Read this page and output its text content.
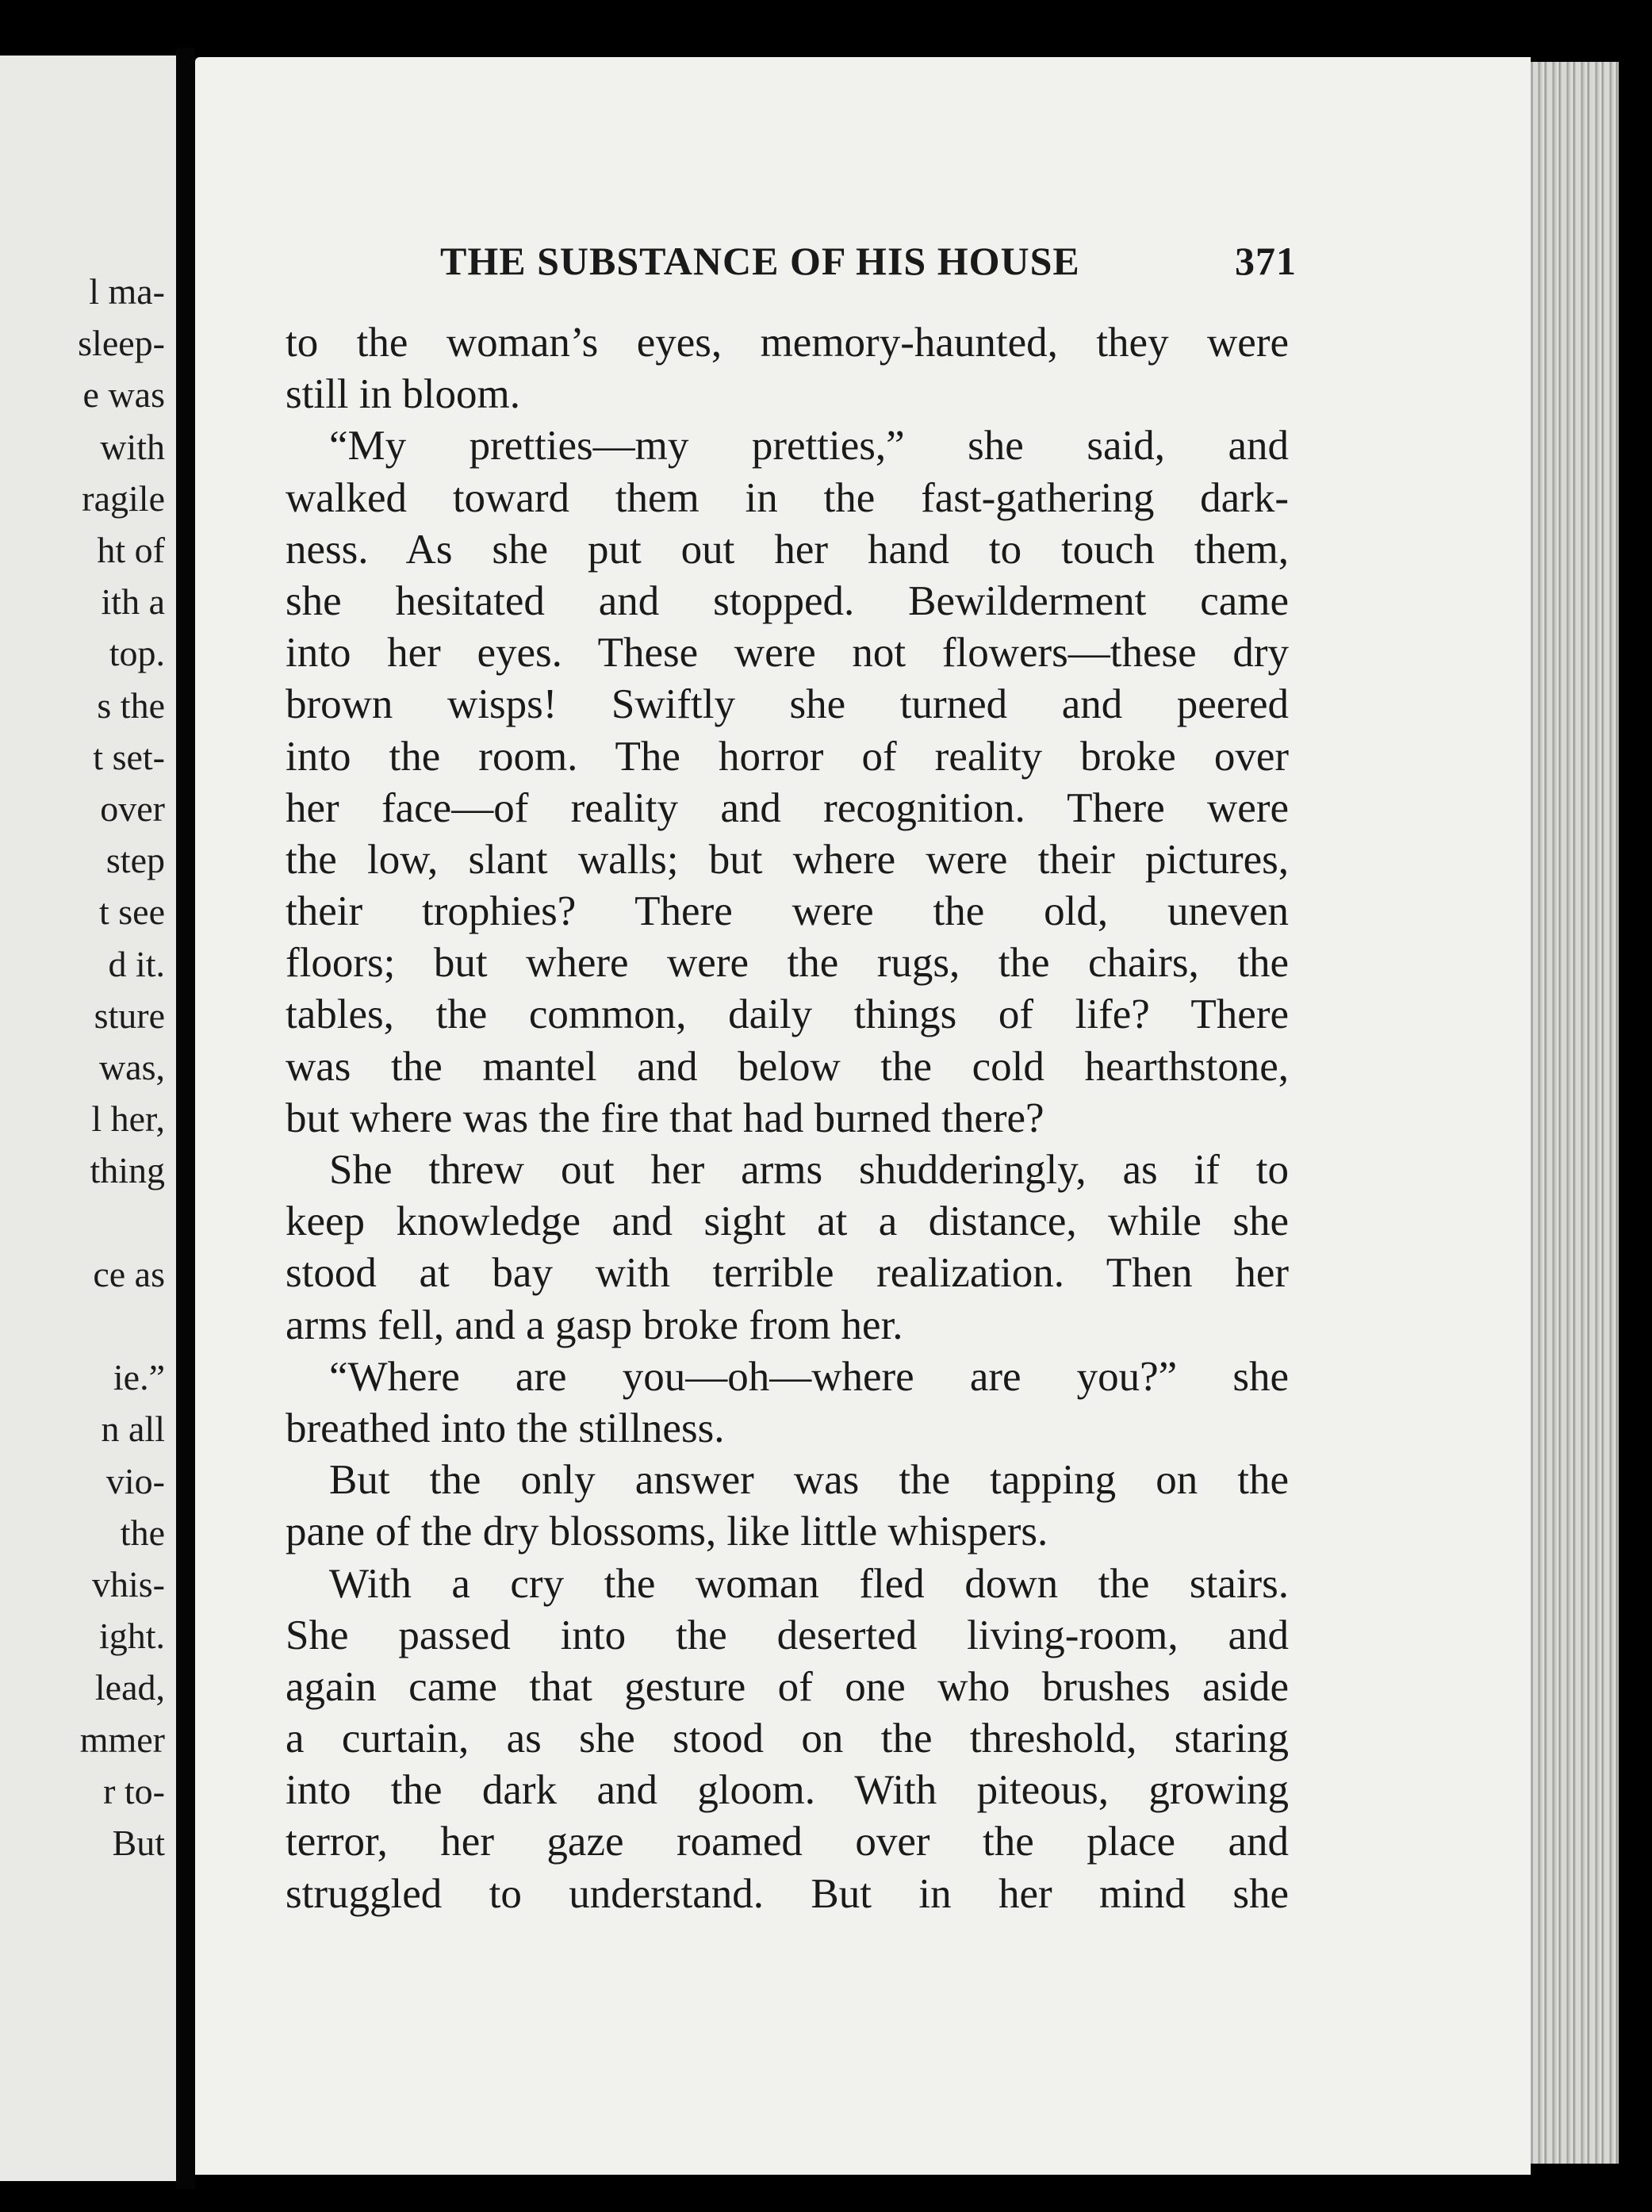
l ma-

sleep-

e was

with

ragile

ht of

ith a

top.

s the

t set-

over

step

t see

d it.

sture

was,

l her,

thing

ce as

ie.”

n all

vio-

the

vhis-

ight.

lead,

mmer

r to-

But

THE SUBSTANCE OF HIS HOUSE	371
to the woman’s eyes, memory-haunted, they were
still in bloom.
“My pretties—my pretties,” she said, and
walked toward them in the fast-gathering dark-
ness. As she put out her hand to touch them,
she hesitated and stopped. Bewilderment came
into her eyes. These were not flowers—these dry
brown wisps! Swiftly she turned and peered
into the room. The horror of reality broke over
her face—of reality and recognition. There were
the low, slant walls; but where were their pictures,
their trophies? There were the old, uneven
floors; but where were the rugs, the chairs, the
tables, the common, daily things of life? There
was the mantel and below the cold hearthstone,
but where was the fire that had burned there?
She threw out her arms shudderingly, as if to
keep knowledge and sight at a distance, while she
stood at bay with terrible realization. Then her
arms fell, and a gasp broke from her.
“Where are you—oh—where are you?” she
breathed into the stillness.
But the only answer was the tapping on the
pane of the dry blossoms, like little whispers.
With a cry the woman fled down the stairs.
She passed into the deserted living-room, and
again came that gesture of one who brushes aside
a curtain, as she stood on the threshold, staring
into the dark and gloom. With piteous, growing
terror, her gaze roamed over the place and
struggled to understand. But in her mind she
